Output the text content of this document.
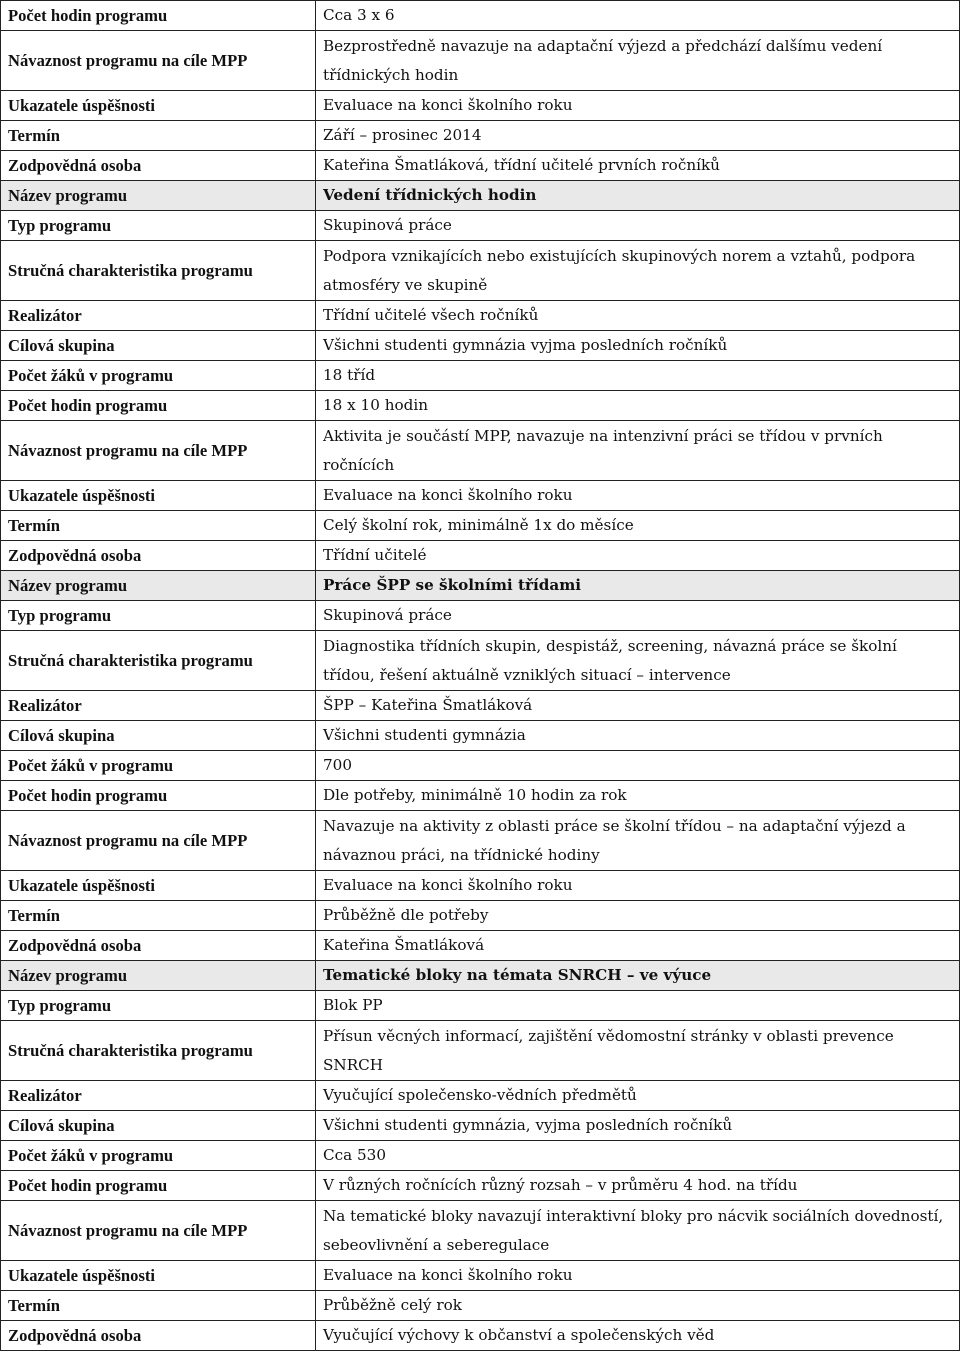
Počet hodin programu	Cca 3 x 6
Návaznost programu na cíle MPP	Bezprostředně navazuje na adaptační výjezd a předchází dalšímu vedení třídnických hodin
Ukazatele úspěšnosti	Evaluace na konci školního roku
Termín	Září – prosinec 2014
Zodpovědná osoba	Kateřina Šmatláková, třídní učitelé prvních ročníků
Název programu	Vedení třídnických hodin
Typ programu	Skupinová práce
Stručná charakteristika programu	Podpora vznikajících nebo existujících skupinových norem a vztahů, podpora atmosféry ve skupině
Realizátor	Třídní učitelé všech ročníků
Cílová skupina	Všichni studenti gymnázia vyjma posledních ročníků
Počet žáků v programu	18 tříd
Počet hodin programu	18 x 10 hodin
Návaznost programu na cíle MPP	Aktivita je součástí MPP, navazuje na intenzivní práci se třídou v prvních ročnících
Ukazatele úspěšnosti	Evaluace na konci školního roku
Termín	Celý školní rok, minimálně 1x do měsíce
Zodpovědná osoba	Třídní učitelé
Název programu	Práce ŠPP se školními třídami
Typ programu	Skupinová práce
Stručná charakteristika programu	Diagnostika třídních skupin, despistáž, screening, návazná práce se školní třídou, řešení aktuálně vzniklých situací – intervence
Realizátor	ŠPP – Kateřina Šmatláková
Cílová skupina	Všichni studenti gymnázia
Počet žáků v programu	700
Počet hodin programu	Dle potřeby, minimálně 10 hodin za rok
Návaznost programu na cíle MPP	Navazuje na aktivity z oblasti práce se školní třídou – na adaptační výjezd a návaznou práci, na třídnické hodiny
Ukazatele úspěšnosti	Evaluace na konci školního roku
Termín	Průběžně dle potřeby
Zodpovědná osoba	Kateřina Šmatláková
Název programu	Tematické bloky na témata SNRCH – ve výuce
Typ programu	Blok PP
Stručná charakteristika programu	Přísun věcných informací, zajištění vědomostní stránky v oblasti prevence SNRCH
Realizátor	Vyučující společensko-vědních předmětů
Cílová skupina	Všichni studenti gymnázia, vyjma posledních ročníků
Počet žáků v programu	Cca 530
Počet hodin programu	V různých ročnících různý rozsah – v průměru 4 hod. na třídu
Návaznost programu na cíle MPP	Na tematické bloky navazují interaktivní bloky pro nácvik sociálních dovedností, sebeovlivnění a seberegulace
Ukazatele úspěšnosti	Evaluace na konci školního roku
Termín	Průběžně celý rok
Zodpovědná osoba	Vyučující výchovy k občanství a společenských věd
